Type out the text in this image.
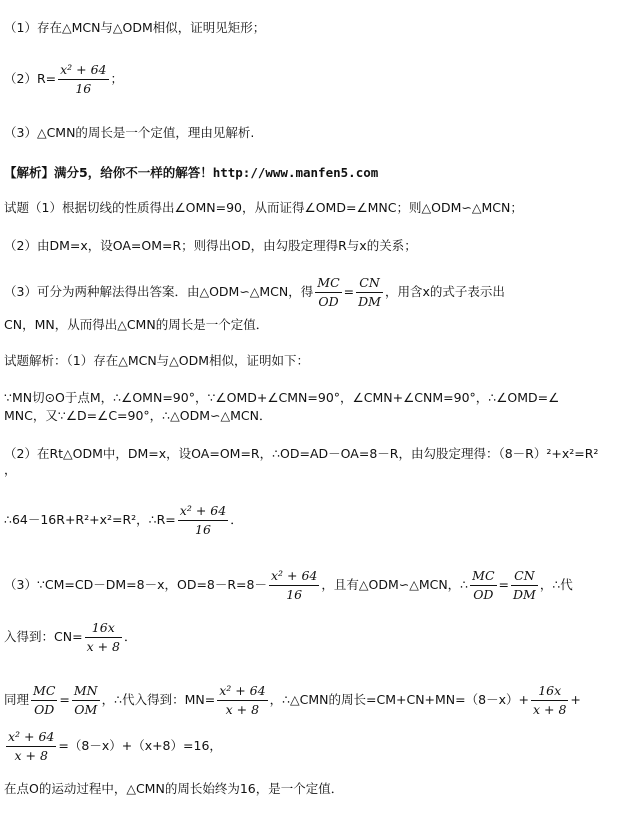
（1）存在△MCN与△ODM相似，证明见矩形；
$(2)R= \frac{\text{x² + 64}}{16}$ ；
（3）△CMN的周长是一个定值，理由见解析.
【解析】满分5，给你不一样的解答！http://www.manfen5.com
试题（1）根据切线的性质得出∠OMN=90，从而证得∠OMD=∠MNC；则△ODM∽△MCN；
（2）由DM=x，设OA=OM=R；则得出OD，由勾股定理得R与x的关系；
（3）可分为两种解法得出答案．由△ODM∽△MCN，得 $\frac{MC}{OD} = \frac{CN}{DM}$ ，用含x的式子表示出
CN，MN，从而得出△CMN的周长是一个定值．
试题解析：（1）存在△MCN与△ODM相似，证明如下：
∵MN切⊙O于点M，∴∠OMN=90°，∵∠OMD+∠CMN=90°，∠CMN+∠CNM=90°，∴∠OMD=∠
MNC，又∵∠D=∠C=90°，∴△ODM∽△MCN．
（2）在Rt△ODM中，DM=x，设OA=OM=R，∴OD=AD－OA=8－R，由勾股定理得：（8－R）²+x²=R²
，
∴64－16R+R²+x²=R²，∴R= $\frac{\text{x² + 64}}{16}$ ．
（3）∵CM=CD－DM=8－x，$OD=8-R=8- \frac{\text{x² + 64}}{16}$ ，且有△ODM∽△MCN，∴ $\frac{MC}{OD} = \frac{CN}{DM}$ ，∴代
入得到：$CN= \frac{16x}{x + 8}$ ．
同理 $\frac{MC}{OD} = \frac{MN}{OM}$ ，∴代入得到：$MN= \frac{\text{x² + 64}}{x + 8}$ ，∴△CMN的周长$=CM+CN+MN=(8-x)+ \frac{16x}{x + 8}$ +
$\frac{\text{x² + 64}}{x + 8} =(8-x)+(x+8)=16$，
在点O的运动过程中，△CMN的周长始终为16，是一个定值．
